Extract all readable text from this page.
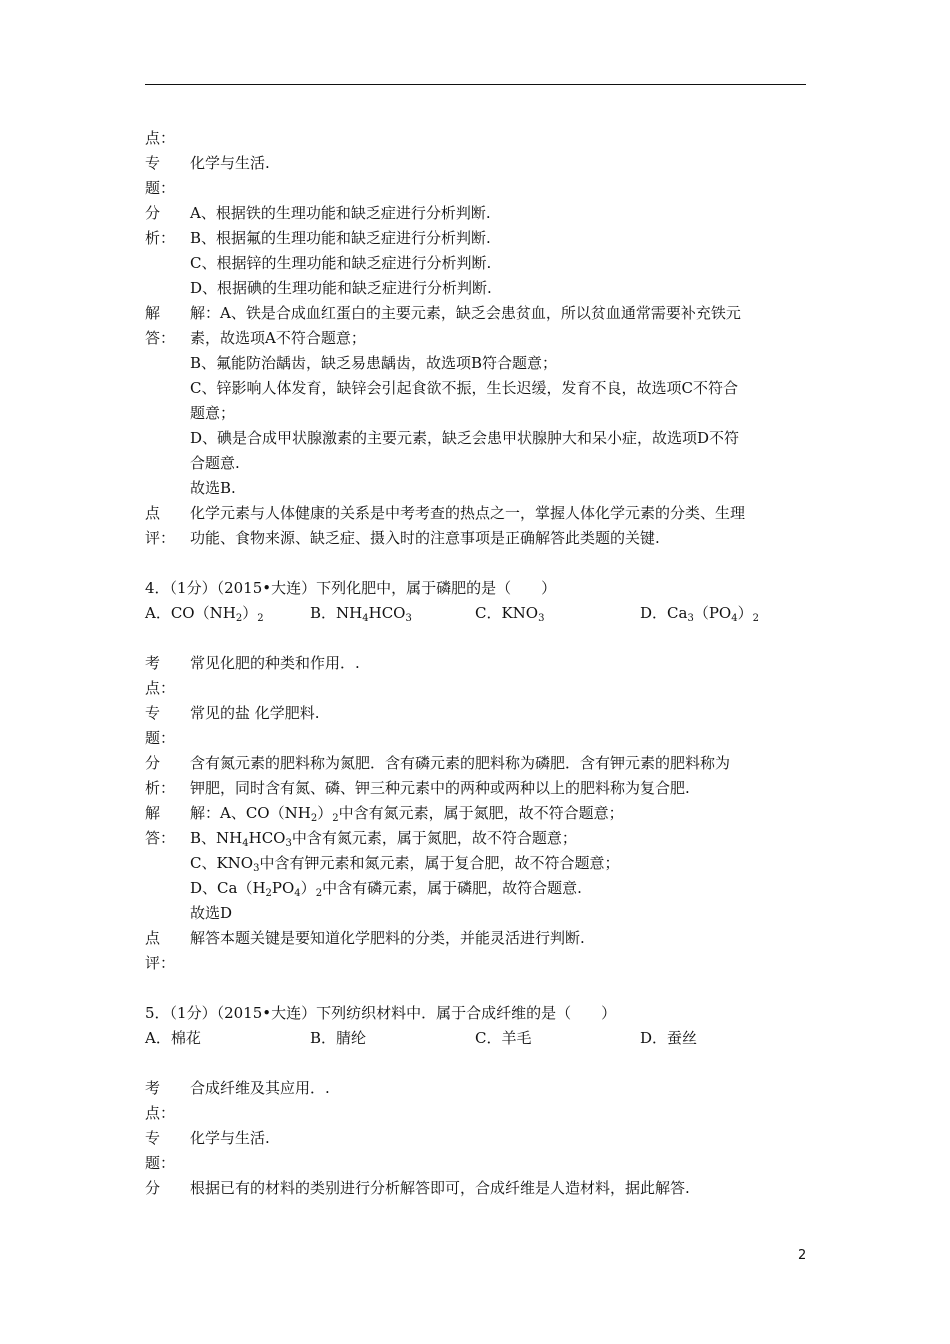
点：
专 化学与生活.
题：
分
析：
A、根据铁的生理功能和缺乏症进行分析判断.
B、根据氟的生理功能和缺乏症进行分析判断.
C、根据锌的生理功能和缺乏症进行分析判断.
D、根据碘的生理功能和缺乏症进行分析判断.
解
答：
解：A、铁是合成血红蛋白的主要元素，缺乏会患贫血，所以贫血通常需要补充铁元
素，故选项A不符合题意；
B、氟能防治龋齿，缺乏易患龋齿，故选项B符合题意；
C、锌影响人体发育，缺锌会引起食欲不振，生长迟缓，发育不良，故选项C不符合
题意；
D、碘是合成甲状腺激素的主要元素，缺乏会患甲状腺肿大和呆小症，故选项D不符
合题意.
故选B.
点
评：
化学元素与人体健康的关系是中考考查的热点之一，掌握人体化学元素的分类、生理
功能、食物来源、缺乏症、摄入时的注意事项是正确解答此类题的关键.
4．（1分）（2015•大连）下列化肥中，属于磷肥的是（　　）
A．$CO(NH_2)_2$	B．$NH_4HCO_3$	C．$KNO_3$	D．$Ca_3(PO_4)_2$
考 常见化肥的种类和作用．.
点：
专 常见的盐 化学肥料.
题：
分
析：
含有氮元素的肥料称为氮肥．含有磷元素的肥料称为磷肥．含有钾元素的肥料称为
钾肥，同时含有氮、磷、钾三种元素中的两种或两种以上的肥料称为复合肥.
解
答：
解：A、$CO(NH_2)_2$中含有氮元素，属于氮肥，故不符合题意；
B、$NH_4HCO_3$中含有氮元素，属于氮肥，故不符合题意；
C、$KNO_3$中含有钾元素和氮元素，属于复合肥，故不符合题意；
D、$Ca(H_2PO_4)_2$中含有磷元素，属于磷肥，故符合题意.
故选D
点 解答本题关键是要知道化学肥料的分类，并能灵活进行判断.
评：
5．（1分）（2015•大连）下列纺织材料中．属于合成纤维的是（　　）
A．棉花	B．腈纶	C．羊毛	D．蚕丝
考 合成纤维及其应用．.
点：
专 化学与生活.
题：
分 根据已有的材料的类别进行分析解答即可，合成纤维是人造材料，据此解答.
2
